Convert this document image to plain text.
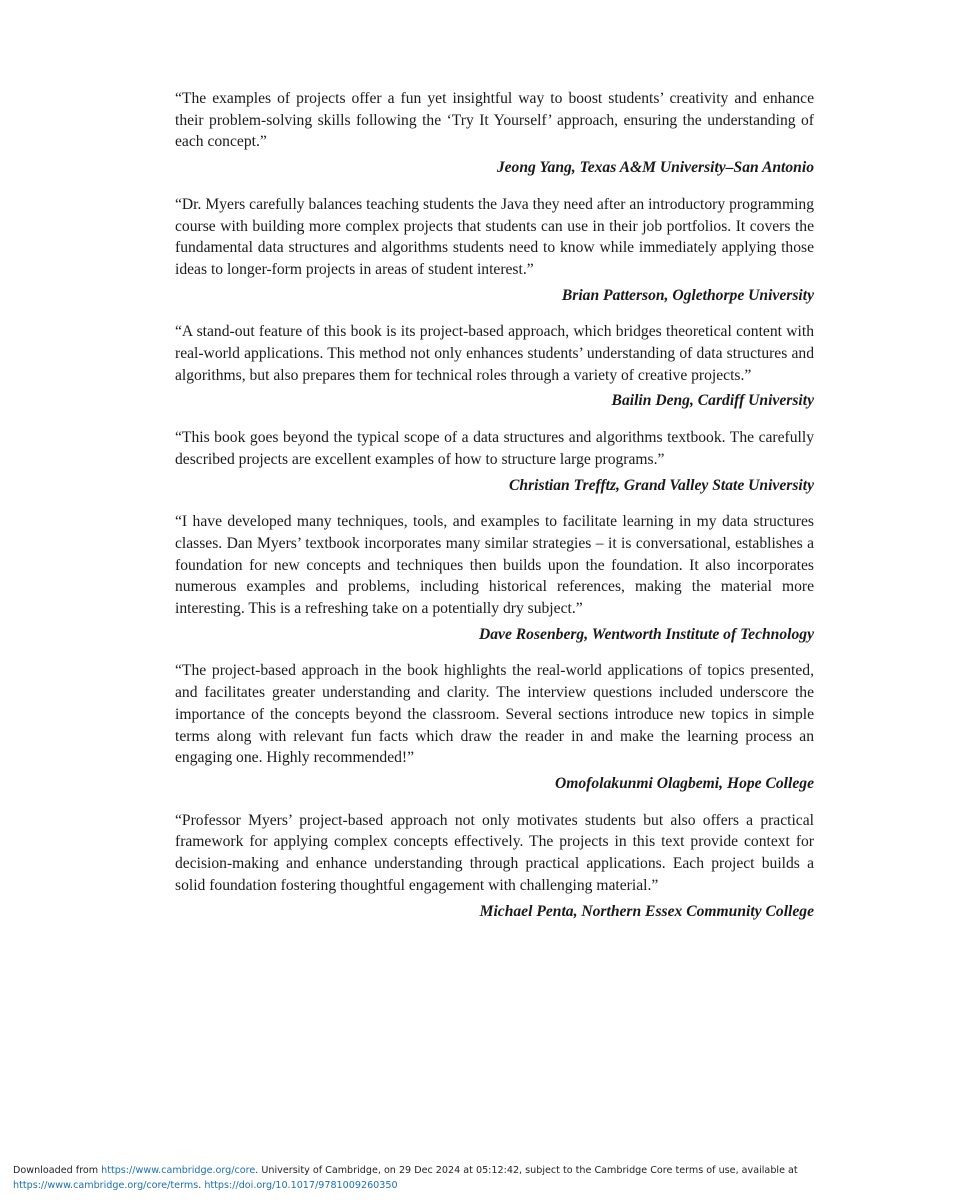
“The examples of projects offer a fun yet insightful way to boost students’ creativity and enhance their problem-solving skills following the ‘Try It Yourself’ approach, ensuring the understanding of each concept.”

Jeong Yang, Texas A&M University–San Antonio

“Dr. Myers carefully balances teaching students the Java they need after an introductory programming course with building more complex projects that students can use in their job portfolios. It covers the fundamental data structures and algorithms students need to know while immediately applying those ideas to longer-form projects in areas of student interest.”

Brian Patterson, Oglethorpe University

“A stand-out feature of this book is its project-based approach, which bridges theoretical content with real-world applications. This method not only enhances students’ understanding of data structures and algorithms, but also prepares them for technical roles through a variety of creative projects.”

Bailin Deng, Cardiff University

“This book goes beyond the typical scope of a data structures and algorithms textbook. The carefully described projects are excellent examples of how to structure large programs.”

Christian Trefftz, Grand Valley State University

“I have developed many techniques, tools, and examples to facilitate learning in my data structures classes. Dan Myers’ textbook incorporates many similar strategies – it is conversational, establishes a foundation for new concepts and techniques then builds upon the foundation. It also incorporates numerous examples and problems, including historical references, making the material more interesting. This is a refreshing take on a potentially dry subject.”

Dave Rosenberg, Wentworth Institute of Technology

“The project-based approach in the book highlights the real-world applications of topics presented, and facilitates greater understanding and clarity. The interview questions included underscore the importance of the concepts beyond the classroom. Several sections introduce new topics in simple terms along with relevant fun facts which draw the reader in and make the learning process an engaging one. Highly recommended!”

Omofolakunmi Olagbemi, Hope College

“Professor Myers’ project-based approach not only motivates students but also offers a practical framework for applying complex concepts effectively. The projects in this text provide context for decision-making and enhance understanding through practical applications. Each project builds a solid foundation fostering thoughtful engagement with challenging material.”

Michael Penta, Northern Essex Community College

Downloaded from https://www.cambridge.org/core. University of Cambridge, on 29 Dec 2024 at 05:12:42, subject to the Cambridge Core terms of use, available at
https://www.cambridge.org/core/terms. https://doi.org/10.1017/9781009260350
